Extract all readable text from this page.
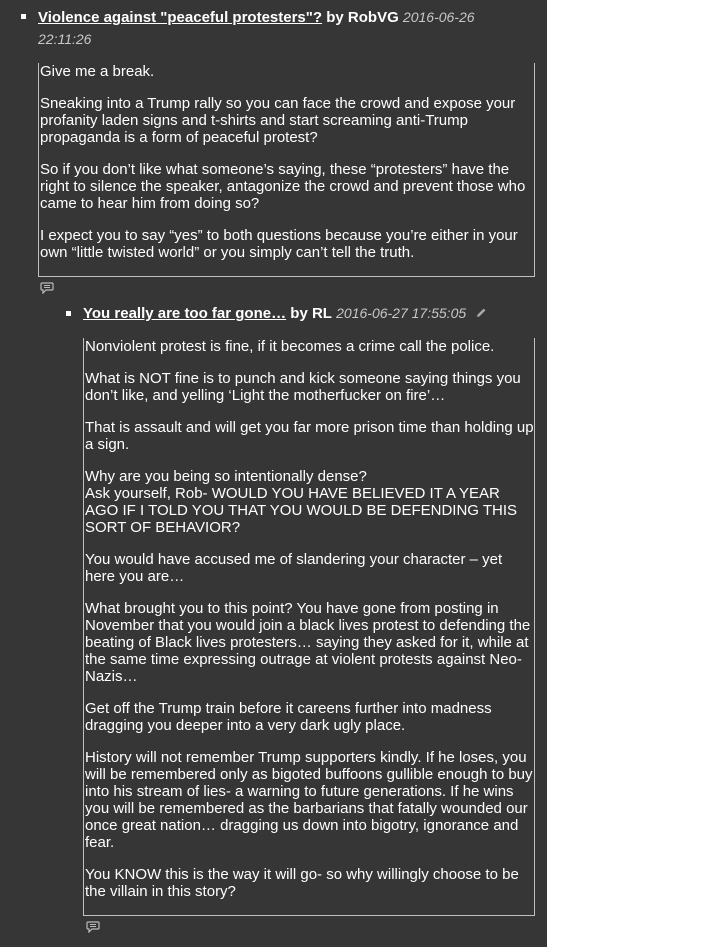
Violence against "peaceful protesters"? by RobVG 2016-06-26
22:11:26

Give me a break.

Sneaking into a Trump rally so you can face the crowd and expose your profanity laden signs and t-shirts and start screaming anti-Trump propaganda is a form of peaceful protest?

So if you don’t like what someone’s saying, these “protesters” have the right to silence the speaker, antagonize the crowd and prevent those who came to hear him from doing so?

I expect you to say “yes” to both questions because you’re either in your own “little twisted world” or you simply can’t tell the truth.

You really are too far gone… by RL 2016-06-27 17:55:05

Nonviolent protest is fine, if it becomes a crime call the police.

What is NOT fine is to punch and kick someone saying things you don’t like, and yelling ‘Light the motherfucker on fire’…

That is assault and will get you far more prison time than holding up a sign.

Why are you being so intentionally dense?
Ask yourself, Rob- WOULD YOU HAVE BELIEVED IT A YEAR AGO IF I TOLD YOU THAT YOU WOULD BE DEFENDING THIS SORT OF BEHAVIOR?

You would have accused me of slandering your character – yet here you are…

What brought you to this point? You have gone from posting in November that you would join a black lives protest to defending the beating of Black lives protesters… saying they asked for it, while at the same time expressing outrage at violent protests against Neo-Nazis…

Get off the Trump train before it careens further into madness dragging you deeper into a very dark ugly place.

History will not remember Trump supporters kindly. If he loses, you will be remembered only as bigoted buffoons gullible enough to buy into his stream of lies- a warning to future generations. If he wins you will be remembered as the barbarians that fatally wounded our once great nation… dragging us down into bigotry, ignorance and fear.

You KNOW this is the way it will go- so why willingly choose to be the villain in this story?
